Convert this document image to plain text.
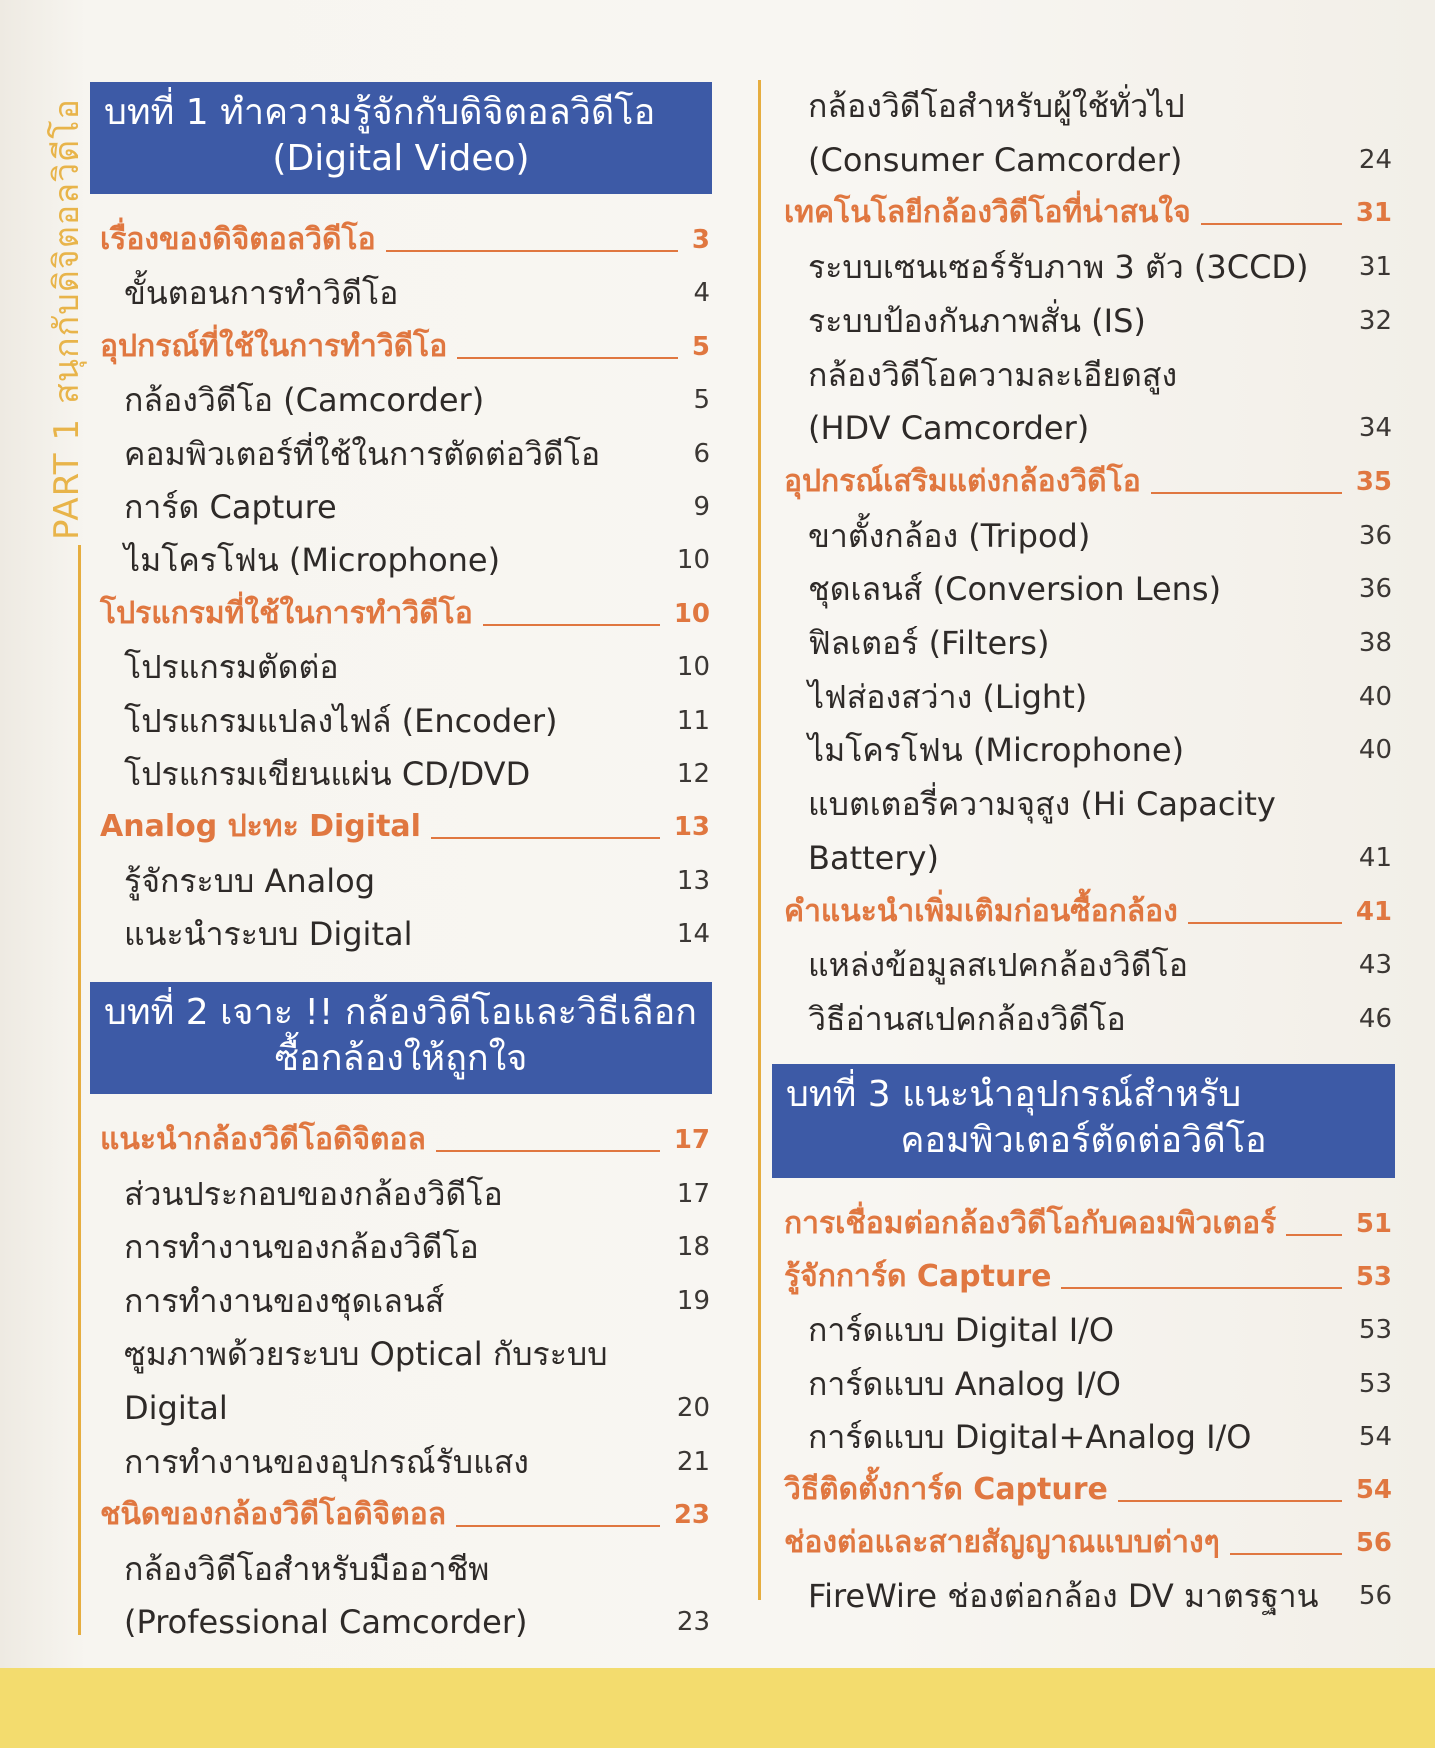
PART 1สนุกกับดิจิตอลวิดีโอ บทที่ 1 ทำความรู้จักกับดิจิตอลวิดีโอ
(Digital Video)
เรื่องของดิจิตอลวิดีโอ	3
ขั้นตอนการทำวิดีโอ	4
อุปกรณ์ที่ใช้ในการทำวิดีโอ	5
กล้องวิดีโอ (Camcorder)	5
คอมพิวเตอร์ที่ใช้ในการตัดต่อวิดีโอ	6
การ์ด Capture	9
ไมโครโฟน (Microphone)	10
โปรแกรมที่ใช้ในการทำวิดีโอ	10
โปรแกรมตัดต่อ	10
โปรแกรมแปลงไฟล์ (Encoder)	11
โปรแกรมเขียนแผ่น CD/DVD	12
Analog ปะทะ Digital	13
รู้จักระบบ Analog	13
แนะนำระบบ Digital	14
บทที่ 2 เจาะ !! กล้องวิดีโอและวิธีเลือก
ซื้อกล้องให้ถูกใจ
แนะนำกล้องวิดีโอดิจิตอล	17
ส่วนประกอบของกล้องวิดีโอ	17
การทำงานของกล้องวิดีโอ	18
การทำงานของชุดเลนส์	19
ซูมภาพด้วยระบบ Optical กับระบบ
Digital	20
การทำงานของอุปกรณ์รับแสง	21
ชนิดของกล้องวิดีโอดิจิตอล	23
กล้องวิดีโอสำหรับมืออาชีพ
(Professional Camcorder)	23
กล้องวิดีโอสำหรับผู้ใช้ทั่วไป
(Consumer Camcorder)	24
เทคโนโลยีกล้องวิดีโอที่น่าสนใจ	31
ระบบเซนเซอร์รับภาพ 3 ตัว (3CCD) 31
ระบบป้องกันภาพสั่น (IS)	32
กล้องวิดีโอความละเอียดสูง
(HDV Camcorder)	34
อุปกรณ์เสริมแต่งกล้องวิดีโอ	35
ขาตั้งกล้อง (Tripod)	36
ชุดเลนส์ (Conversion Lens)	36
ฟิลเตอร์ (Filters)	38
ไฟส่องสว่าง (Light)	40
ไมโครโฟน (Microphone)	40
แบตเตอรี่ความจุสูง (Hi Capacity
Battery)	41
คำแนะนำเพิ่มเติมก่อนซื้อกล้อง	41
แหล่งข้อมูลสเปคกล้องวิดีโอ	43
วิธีอ่านสเปคกล้องวิดีโอ	46
บทที่ 3 แนะนำอุปกรณ์สำหรับ
คอมพิวเตอร์ตัดต่อวิดีโอ
การเชื่อมต่อกล้องวิดีโอกับคอมพิวเตอร์	51
รู้จักการ์ด Capture	53
การ์ดแบบ Digital I/O	53
การ์ดแบบ Analog I/O	53
การ์ดแบบ Digital+Analog I/O	54
วิธีติดตั้งการ์ด Capture	54
ช่องต่อและสายสัญญาณแบบต่างๆ	56
FireWire ช่องต่อกล้อง DV มาตรฐาน 56
